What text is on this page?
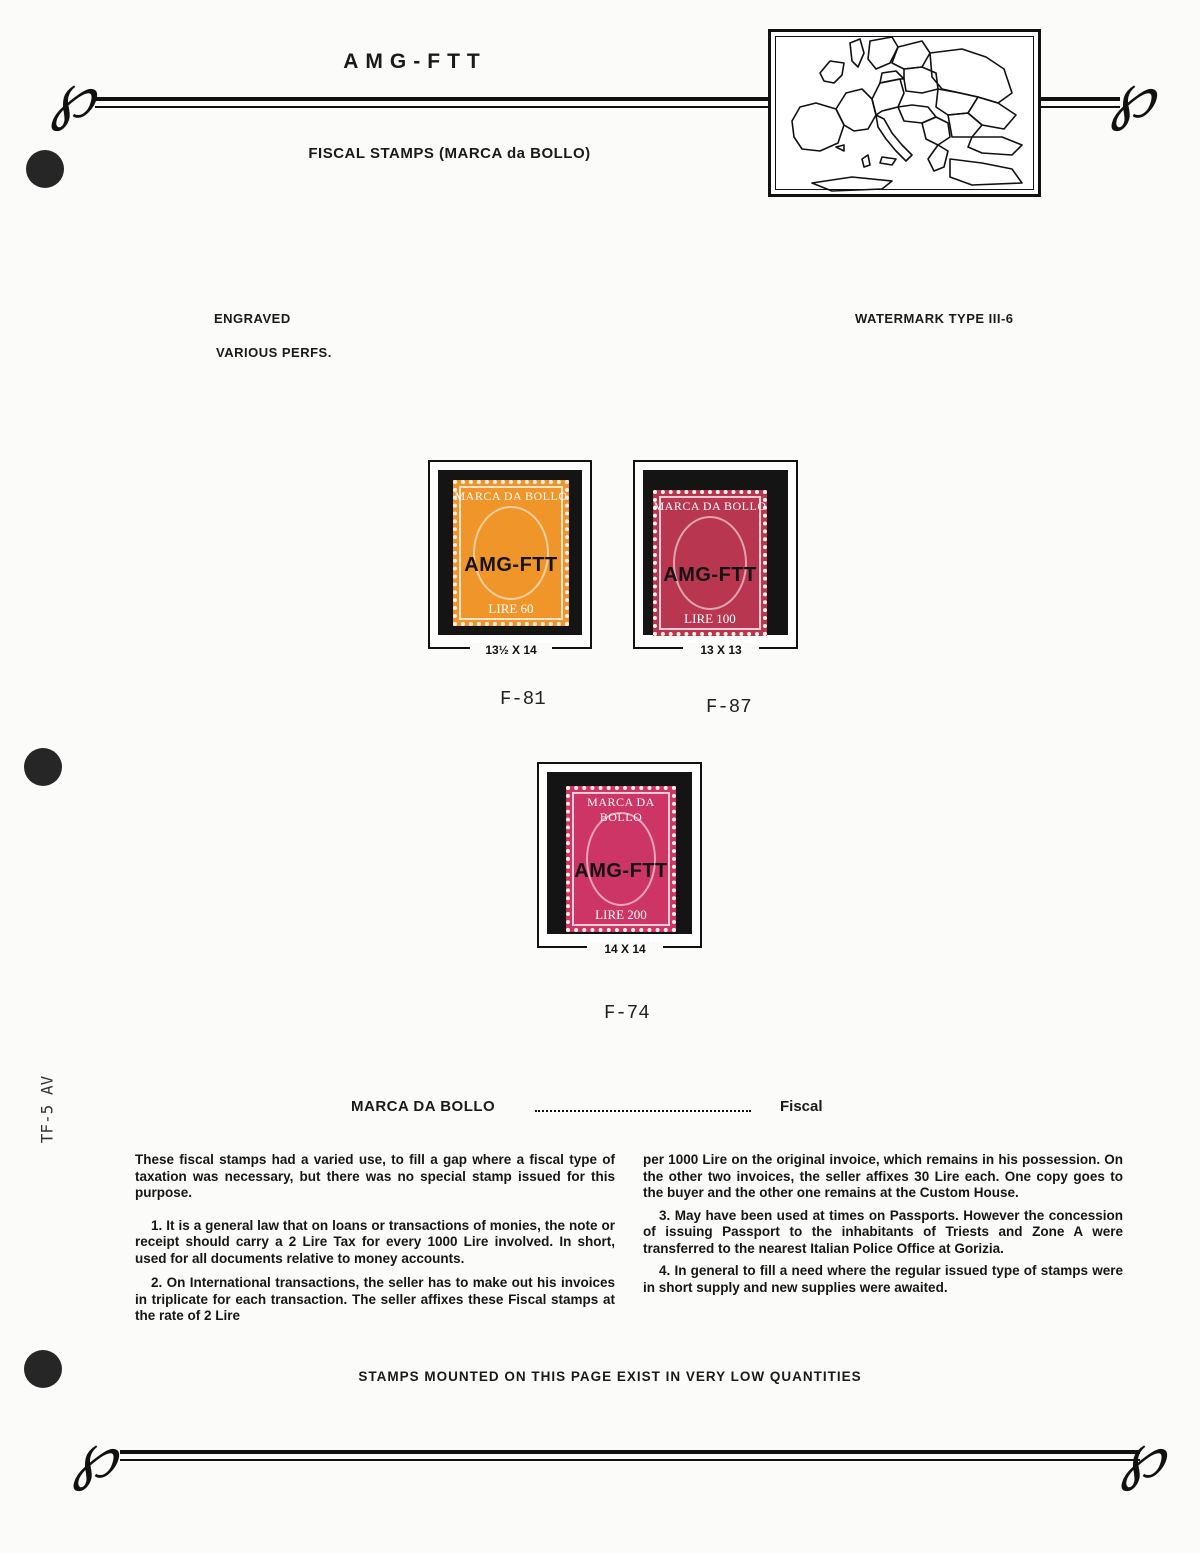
AMG-FTT
℘	℘
FISCAL STAMPS (MARCA da BOLLO)
ENGRAVED
VARIOUS PERFS.
WATERMARK TYPE III-6
MARCA DA BOLLO
AMG-FTT
LIRE 60
13½ X 14
F-81
MARCA DA BOLLO
AMG-FTT
LIRE 100
13 X 13
F-87
MARCA DA BOLLO
AMG-FTT
LIRE 200
14 X 14
F-74
TF-5 AV	MARCA DA BOLLO	Fiscal

These fiscal stamps had a varied use, to fill a gap where a fiscal type of taxation was necessary, but there was no special stamp issued for this purpose.

1. It is a general law that on loans or transactions of monies, the note or receipt should carry a 2 Lire Tax for every 1000 Lire involved. In short, used for all documents relative to money accounts.

2. On International transactions, the seller has to make out his invoices in triplicate for each transaction. The seller affixes these Fiscal stamps at the rate of 2 Lire

per 1000 Lire on the original invoice, which remains in his possession. On the other two invoices, the seller affixes 30 Lire each. One copy goes to the buyer and the other one remains at the Custom House.

3. May have been used at times on Passports. However the concession of issuing Passport to the inhabitants of Triests and Zone A were transferred to the nearest Italian Police Office at Gorizia.

4. In general to fill a need where the regular issued type of stamps were in short supply and new supplies were awaited.

STAMPS MOUNTED ON THIS PAGE EXIST IN VERY LOW QUANTITIES
℘	℘
